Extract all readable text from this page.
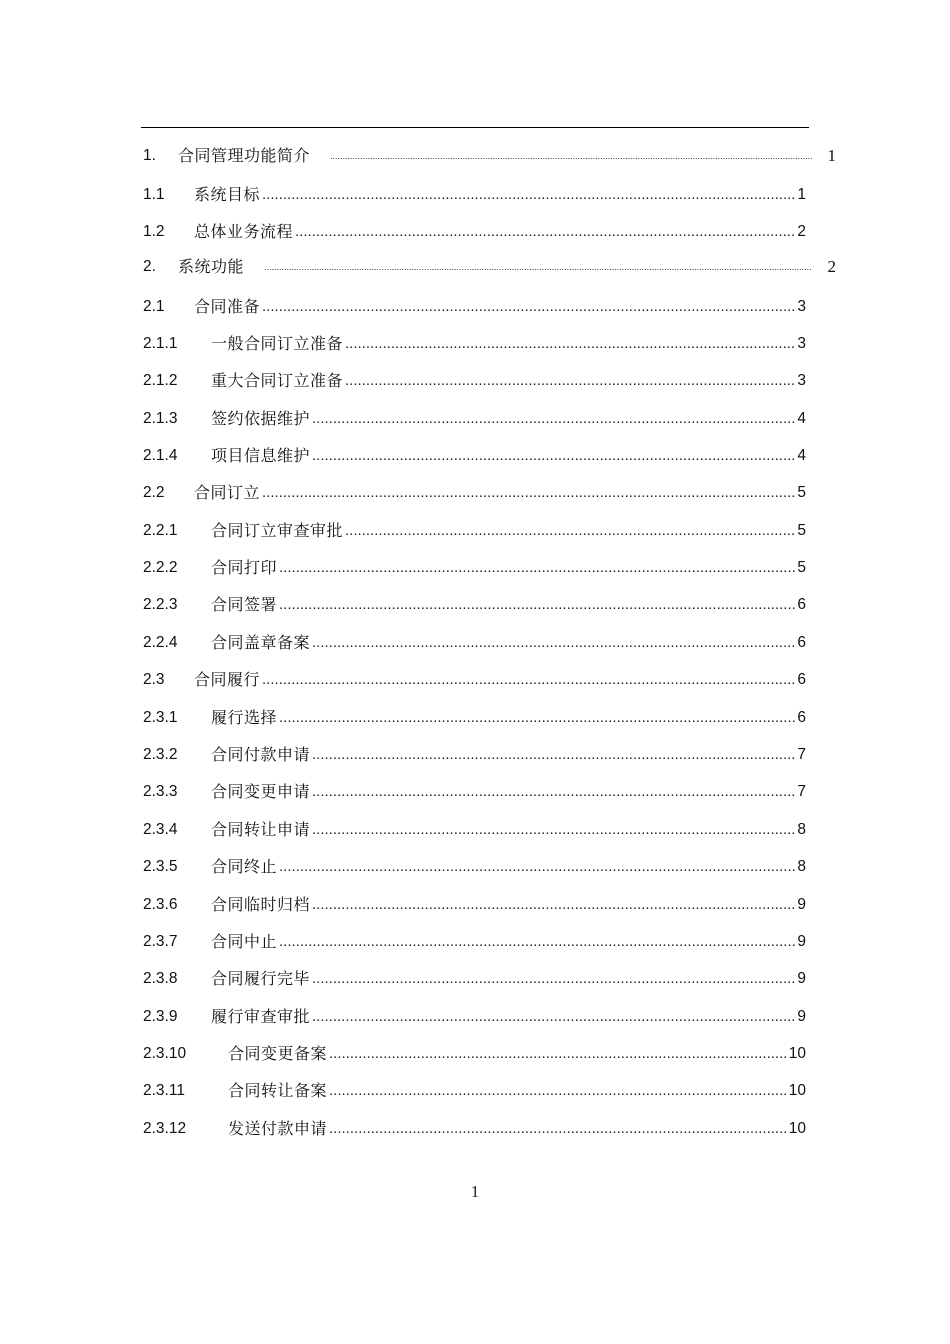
1.	合同管理功能简介 .....	1
1.1	系统目标 .....	1
1.2	总体业务流程 .....	2
2.	系统功能 .....	2
2.1	合同准备 .....	3
2.1.1	一般合同订立准备 .....	3
2.1.2	重大合同订立准备 .....	3
2.1.3	签约依据维护 .....	4
2.1.4	项目信息维护 .....	4
2.2	合同订立 .....	5
2.2.1	合同订立审查审批 .....	5
2.2.2	合同打印 .....	5
2.2.3	合同签署 .....	6
2.2.4	合同盖章备案 .....	6
2.3	合同履行 .....	6
2.3.1	履行选择 .....	6
2.3.2	合同付款申请 .....	7
2.3.3	合同变更申请 .....	7
2.3.4	合同转让申请 .....	8
2.3.5	合同终止 .....	8
2.3.6	合同临时归档 .....	9
2.3.7	合同中止 .....	9
2.3.8	合同履行完毕 .....	9
2.3.9	履行审查审批 .....	9
2.3.10	合同变更备案 .....	10
2.3.11	合同转让备案 .....	10
2.3.12	发送付款申请 .....	10
1
